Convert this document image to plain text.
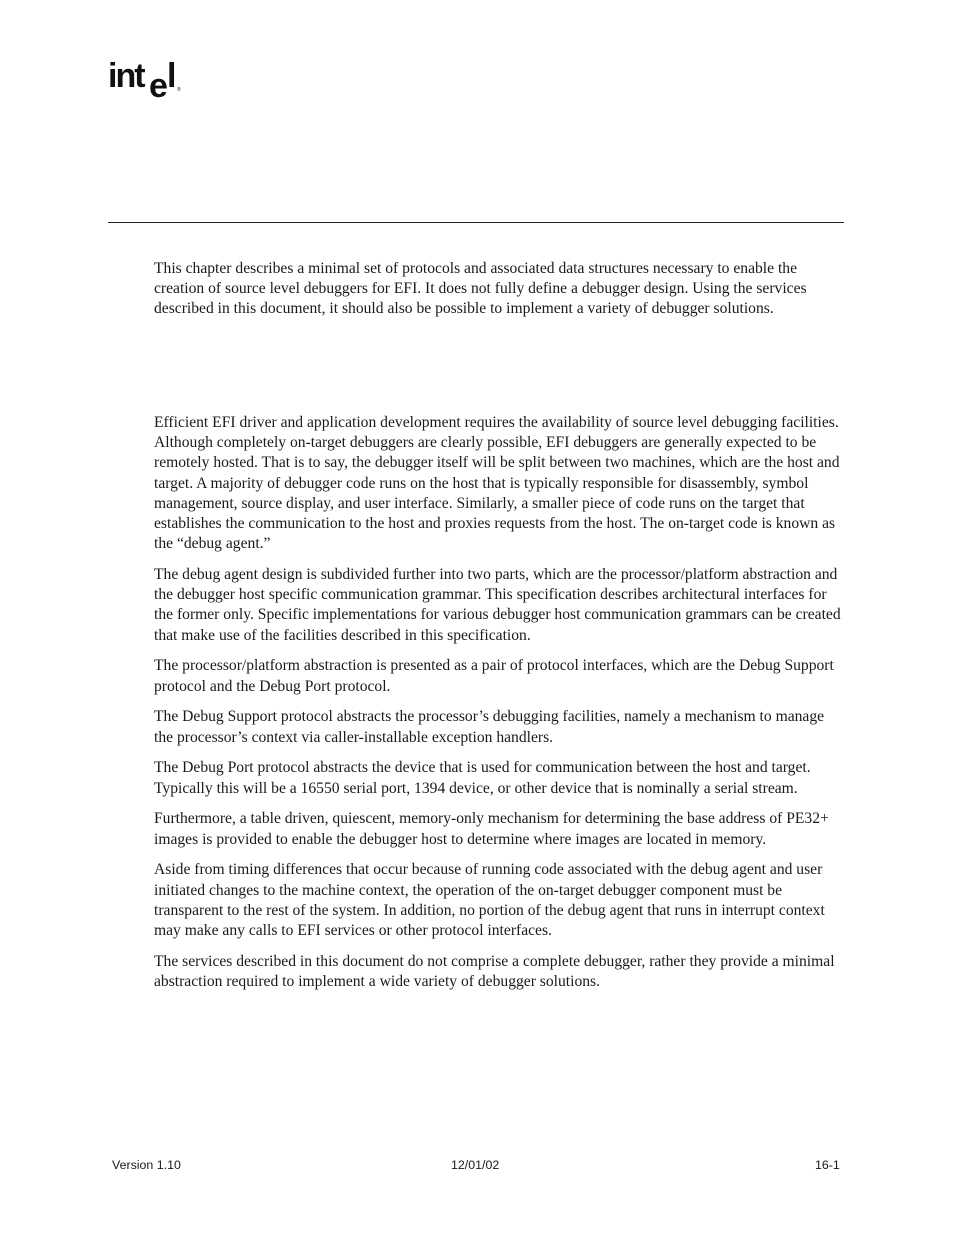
int e l ®

This chapter describes a minimal set of protocols and associated data structures necessary to enable the creation of source level debuggers for EFI. It does not fully define a debugger design. Using the services described in this document, it should also be possible to implement a variety of debugger solutions.

Efficient EFI driver and application development requires the availability of source level debugging facilities. Although completely on-target debuggers are clearly possible, EFI debuggers are generally expected to be remotely hosted. That is to say, the debugger itself will be split between two machines, which are the host and target. A majority of debugger code runs on the host that is typically responsible for disassembly, symbol management, source display, and user interface. Similarly, a smaller piece of code runs on the target that establishes the communication to the host and proxies requests from the host. The on-target code is known as the “debug agent.”

The debug agent design is subdivided further into two parts, which are the processor/platform abstraction and the debugger host specific communication grammar. This specification describes architectural interfaces for the former only. Specific implementations for various debugger host communication grammars can be created that make use of the facilities described in this specification.

The processor/platform abstraction is presented as a pair of protocol interfaces, which are the Debug Support protocol and the Debug Port protocol.

The Debug Support protocol abstracts the processor’s debugging facilities, namely a mechanism to manage the processor’s context via caller-installable exception handlers.

The Debug Port protocol abstracts the device that is used for communication between the host and target. Typically this will be a 16550 serial port, 1394 device, or other device that is nominally a serial stream.

Furthermore, a table driven, quiescent, memory-only mechanism for determining the base address of PE32+ images is provided to enable the debugger host to determine where images are located in memory.

Aside from timing differences that occur because of running code associated with the debug agent and user initiated changes to the machine context, the operation of the on-target debugger component must be transparent to the rest of the system. In addition, no portion of the debug agent that runs in interrupt context may make any calls to EFI services or other protocol interfaces.

The services described in this document do not comprise a complete debugger, rather they provide a minimal abstraction required to implement a wide variety of debugger solutions.

Version 1.10	12/01/02	16-1
